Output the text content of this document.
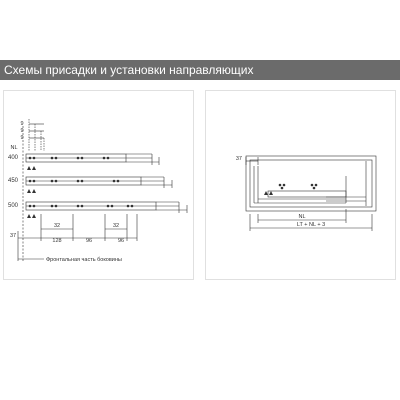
Схемы присадки и установки направляющих
9
9
9
NL
400
450
500
37
32	32
128	96	96
Фронтальная часть боковины
37
NL
LT + NL + 3
